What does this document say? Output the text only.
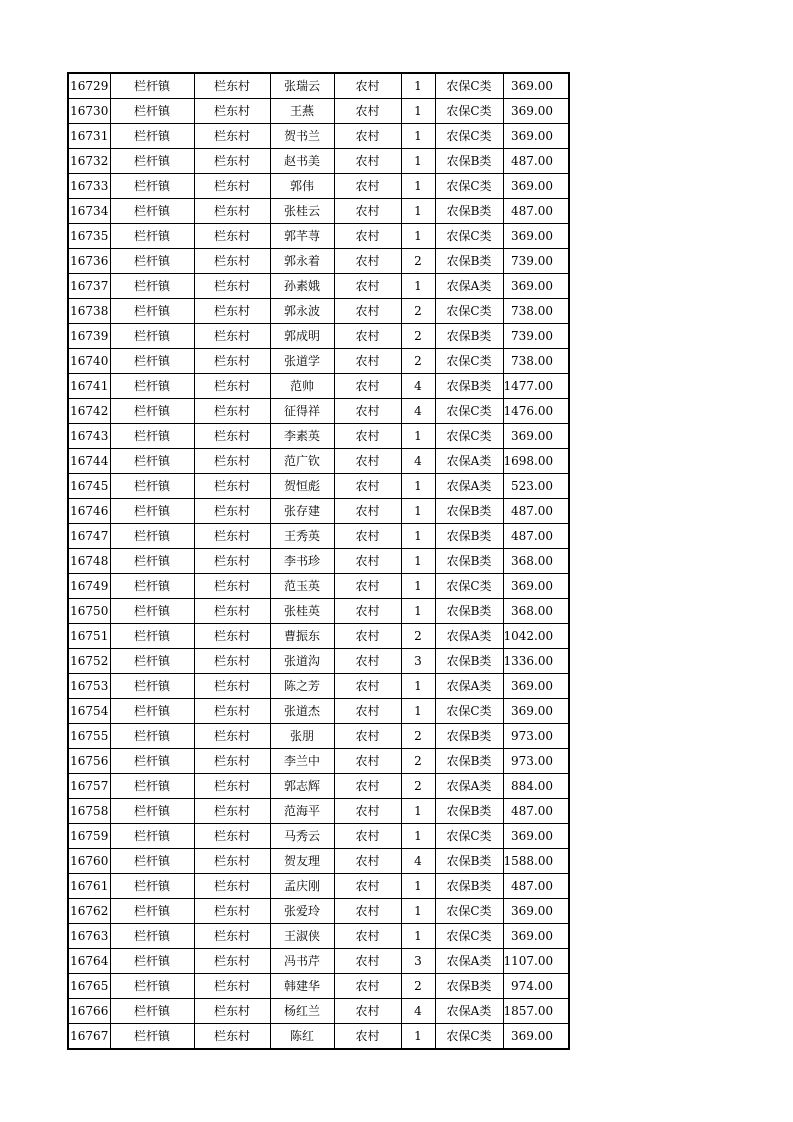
16729	栏杆镇	栏东村	张瑞云	农村	1	农保C类	369.00
16730	栏杆镇	栏东村	王燕	农村	1	农保C类	369.00
16731	栏杆镇	栏东村	贺书兰	农村	1	农保C类	369.00
16732	栏杆镇	栏东村	赵书美	农村	1	农保B类	487.00
16733	栏杆镇	栏东村	郭伟	农村	1	农保C类	369.00
16734	栏杆镇	栏东村	张桂云	农村	1	农保B类	487.00
16735	栏杆镇	栏东村	郭芊荨	农村	1	农保C类	369.00
16736	栏杆镇	栏东村	郭永着	农村	2	农保B类	739.00
16737	栏杆镇	栏东村	孙素娥	农村	1	农保A类	369.00
16738	栏杆镇	栏东村	郭永波	农村	2	农保C类	738.00
16739	栏杆镇	栏东村	郭成明	农村	2	农保B类	739.00
16740	栏杆镇	栏东村	张道学	农村	2	农保C类	738.00
16741	栏杆镇	栏东村	范帅	农村	4	农保B类	1477.00
16742	栏杆镇	栏东村	征得祥	农村	4	农保C类	1476.00
16743	栏杆镇	栏东村	李素英	农村	1	农保C类	369.00
16744	栏杆镇	栏东村	范广钦	农村	4	农保A类	1698.00
16745	栏杆镇	栏东村	贺恒彪	农村	1	农保A类	523.00
16746	栏杆镇	栏东村	张存建	农村	1	农保B类	487.00
16747	栏杆镇	栏东村	王秀英	农村	1	农保B类	487.00
16748	栏杆镇	栏东村	李书珍	农村	1	农保B类	368.00
16749	栏杆镇	栏东村	范玉英	农村	1	农保C类	369.00
16750	栏杆镇	栏东村	张桂英	农村	1	农保B类	368.00
16751	栏杆镇	栏东村	曹振东	农村	2	农保A类	1042.00
16752	栏杆镇	栏东村	张道沟	农村	3	农保B类	1336.00
16753	栏杆镇	栏东村	陈之芳	农村	1	农保A类	369.00
16754	栏杆镇	栏东村	张道杰	农村	1	农保C类	369.00
16755	栏杆镇	栏东村	张朋	农村	2	农保B类	973.00
16756	栏杆镇	栏东村	李兰中	农村	2	农保B类	973.00
16757	栏杆镇	栏东村	郭志辉	农村	2	农保A类	884.00
16758	栏杆镇	栏东村	范海平	农村	1	农保B类	487.00
16759	栏杆镇	栏东村	马秀云	农村	1	农保C类	369.00
16760	栏杆镇	栏东村	贺友理	农村	4	农保B类	1588.00
16761	栏杆镇	栏东村	孟庆刚	农村	1	农保B类	487.00
16762	栏杆镇	栏东村	张爱玲	农村	1	农保C类	369.00
16763	栏杆镇	栏东村	王淑侠	农村	1	农保C类	369.00
16764	栏杆镇	栏东村	冯书芹	农村	3	农保A类	1107.00
16765	栏杆镇	栏东村	韩建华	农村	2	农保B类	974.00
16766	栏杆镇	栏东村	杨红兰	农村	4	农保A类	1857.00
16767	栏杆镇	栏东村	陈红	农村	1	农保C类	369.00
